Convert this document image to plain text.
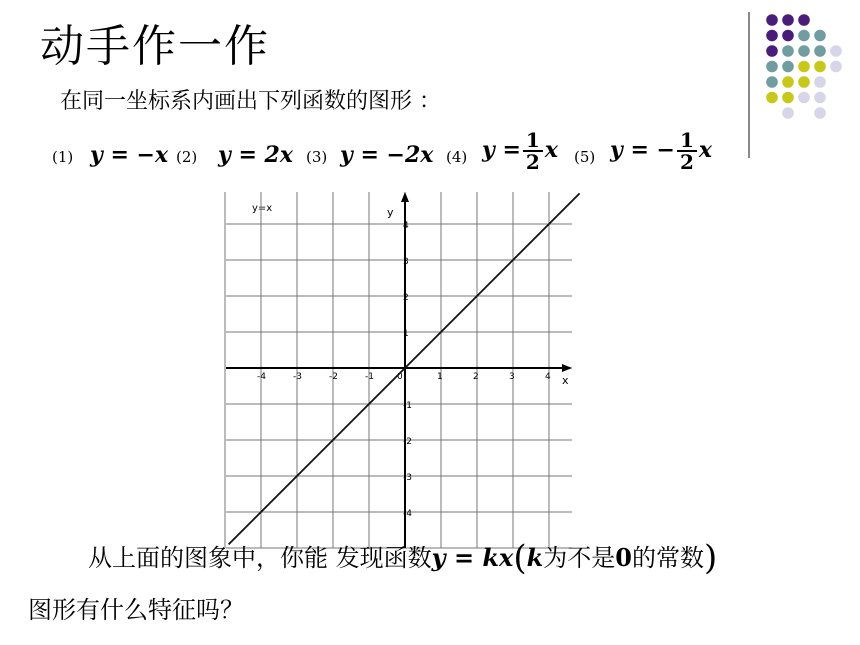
动手作一作
在同一坐标系内画出下列函数的图形 ：
(1) y = −x (2) y = 2x (3) y = −2x (4) $y = \frac{1}{2}$ x (5) y = − $\frac{1}{2}$ x
y=x
x
y
-4	-3	-2	-1	0	1	2	3	4
4
3
2
1
-1
-2
-3
-4
从上面的图象中，你能 发现函数y = kx(k为不是0的常数)
图形有什么特征吗？
